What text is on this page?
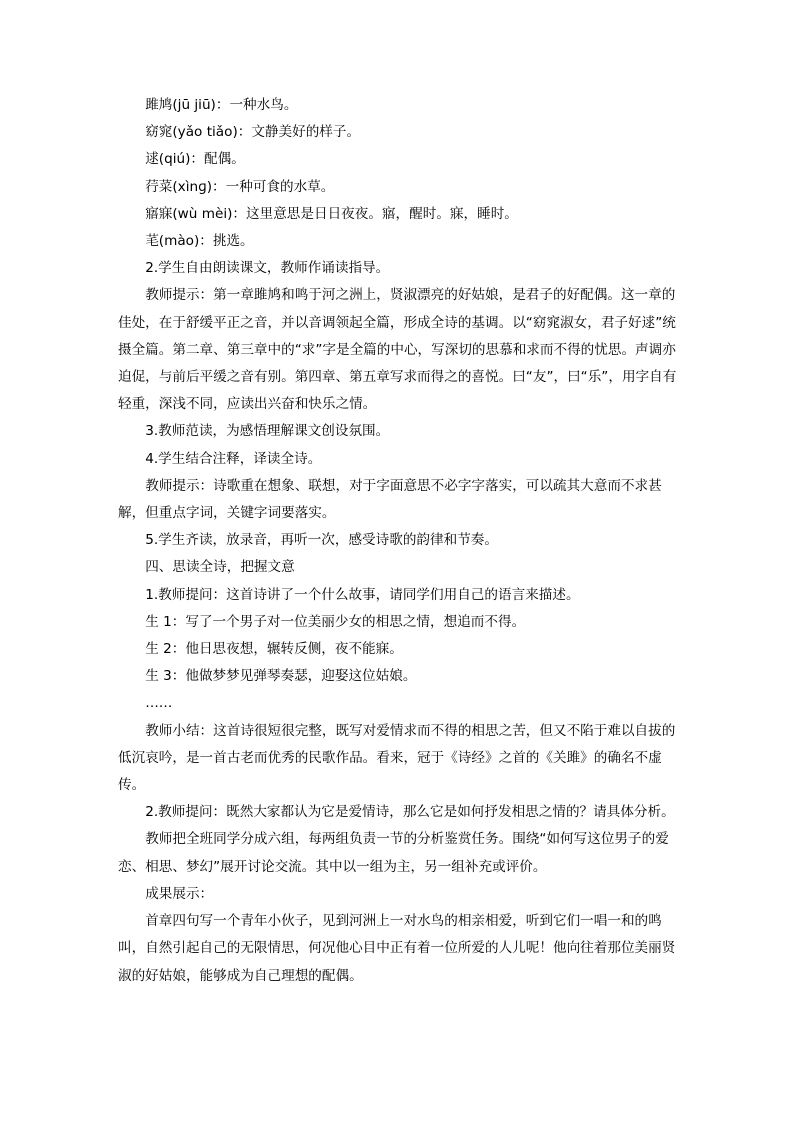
雎鸠(jū jiū)：一种水鸟。

窈窕(yǎo tiǎo)：文静美好的样子。

逑(qiú)：配偶。

荇菜(xìnɡ)：一种可食的水草。

寤寐(wù mèi)：这里意思是日日夜夜。寤，醒时。寐，睡时。

芼(mào)：挑选。

2.学生自由朗读课文，教师作诵读指导。

教师提示：第一章雎鸠和鸣于河之洲上，贤淑漂亮的好姑娘，是君子的好配偶。这一章的佳处，在于舒缓平正之音，并以音调领起全篇，形成全诗的基调。以“窈窕淑女，君子好逑”统摄全篇。第二章、第三章中的“求”字是全篇的中心，写深切的思慕和求而不得的忧思。声调亦迫促，与前后平缓之音有别。第四章、第五章写求而得之的喜悦。曰“友”，曰“乐”，用字自有轻重，深浅不同，应读出兴奋和快乐之情。

3.教师范读，为感悟理解课文创设氛围。

4.学生结合注释，译读全诗。

教师提示：诗歌重在想象、联想，对于字面意思不必字字落实，可以疏其大意而不求甚解，但重点字词，关键字词要落实。

5.学生齐读，放录音，再听一次，感受诗歌的韵律和节奏。

四、思读全诗，把握文意

1.教师提问：这首诗讲了一个什么故事，请同学们用自己的语言来描述。

生 1：写了一个男子对一位美丽少女的相思之情，想追而不得。

生 2：他日思夜想，辗转反侧，夜不能寐。

生 3：他做梦梦见弹琴奏瑟，迎娶这位姑娘。

……

教师小结：这首诗很短很完整，既写对爱情求而不得的相思之苦，但又不陷于难以自拔的低沉哀吟，是一首古老而优秀的民歌作品。看来，冠于《诗经》之首的《关雎》的确名不虚传。

2.教师提问：既然大家都认为它是爱情诗，那么它是如何抒发相思之情的？请具体分析。

教师把全班同学分成六组，每两组负责一节的分析鉴赏任务。围绕“如何写这位男子的爱恋、相思、梦幻”展开讨论交流。其中以一组为主，另一组补充或评价。

成果展示：

首章四句写一个青年小伙子，见到河洲上一对水鸟的相亲相爱，听到它们一唱一和的鸣叫，自然引起自己的无限情思，何况他心目中正有着一位所爱的人儿呢！他向往着那位美丽贤淑的好姑娘，能够成为自己理想的配偶。
